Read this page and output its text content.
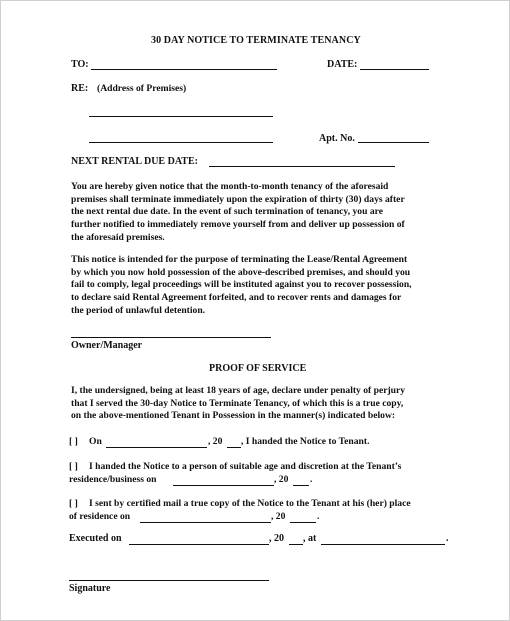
30 DAY NOTICE TO TERMINATE TENANCY
TO:	DATE:
RE: (Address of Premises)
Apt. No.
NEXT RENTAL DUE DATE:
You are hereby given notice that the month-to-month tenancy of the aforesaid
premises shall terminate immediately upon the expiration of thirty (30) days after
the next rental due date. In the event of such termination of tenancy, you are
further notified to immediately remove yourself from and deliver up possession of
the aforesaid premises.
This notice is intended for the purpose of terminating the Lease/Rental Agreement
by which you now hold possession of the above-described premises, and should you
fail to comply, legal proceedings will be instituted against you to recover possession,
to declare said Rental Agreement forfeited, and to recover rents and damages for
the period of unlawful detention.
Owner/Manager
PROOF OF SERVICE
I, the undersigned, being at least 18 years of age, declare under penalty of perjury
that I served the 30-day Notice to Terminate Tenancy, of which this is a true copy,
on the above-mentioned Tenant in Possession in the manner(s) indicated below:
[ ] On	, 20 , I handed the Notice to Tenant.
[ ] I handed the Notice to a person of suitable age and discretion at the Tenant’s
residence/business on	, 20 .
[ ] I sent by certified mail a true copy of the Notice to the Tenant at his (her) place
of residence on	, 20	.
Executed on	, 20 , at	.
Signature
